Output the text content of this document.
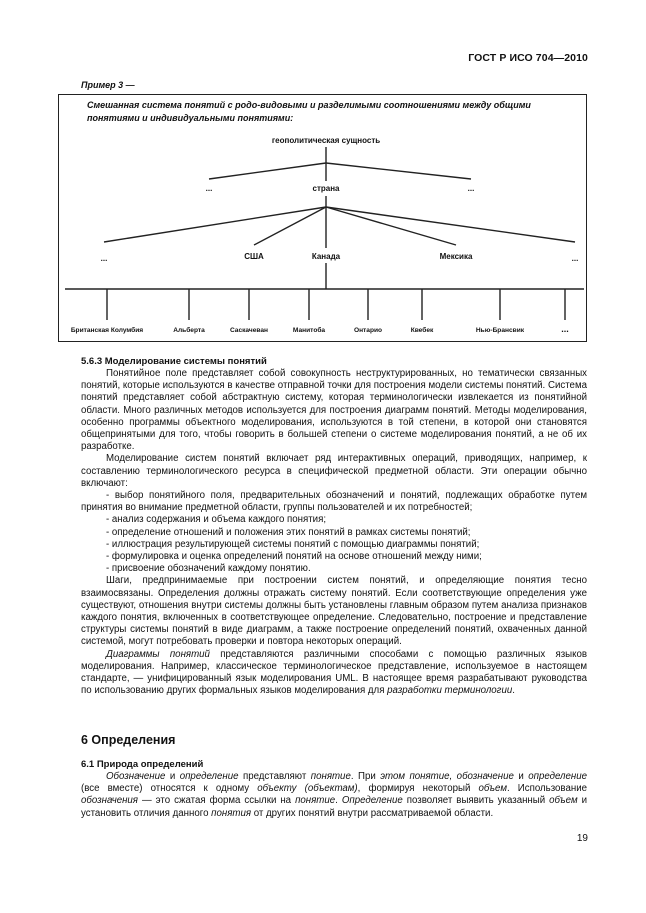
ГОСТ Р ИСО 704—2010
Пример 3 —
Смешанная система понятий с родо-видовыми и разделимыми соотношениями между общими понятиями и индивидуальными понятиями:
геополитическая сущность
...	страна	...
...	США	Канада	Мексика	...
Британская Колумбия	Альберта	Саскачеван	Манитоба	Онтарио	Квебек	Нью-Брансвик	...
5.6.3 Моделирование системы понятий

Понятийное поле представляет собой совокупность неструктурированных, но тематически связанных понятий, которые используются в качестве отправной точки для построения модели системы понятий. Система понятий представляет собой абстрактную систему, которая терминологически извлекается из понятийной области. Много различных методов используется для построения диаграмм понятий. Методы моделирования, особенно программы объектного моделирования, используются в той степени, в которой они становятся общепринятыми для того, чтобы говорить в большей степени о системе моделирования понятий, а не об их разработке.

Моделирование систем понятий включает ряд интерактивных операций, приводящих, например, к составлению терминологического ресурса в специфической предметной области. Эти операции обычно включают:

- выбор понятийного поля, предварительных обозначений и понятий, подлежащих обработке путем принятия во внимание предметной области, группы пользователей и их потребностей;

- анализ содержания и объема каждого понятия;

- определение отношений и положения этих понятий в рамках системы понятий;

- иллюстрация результирующей системы понятий с помощью диаграммы понятий;

- формулировка и оценка определений понятий на основе отношений между ними;

- присвоение обозначений каждому понятию.

Шаги, предпринимаемые при построении систем понятий, и определяющие понятия тесно взаимосвязаны. Определения должны отражать систему понятий. Если соответствующие определения уже существуют, отношения внутри системы должны быть установлены главным образом путем анализа признаков каждого понятия, включенных в соответствующее определение. Следовательно, построение и представление структуры системы понятий в виде диаграмм, а также построение определений понятий, охваченных данной системой, могут потребовать проверки и повтора некоторых операций.

Диаграммы понятий представляются различными способами с помощью различных языков моделирования. Например, классическое терминологическое представление, используемое в настоящем стандарте, — унифицированный язык моделирования UML. В настоящее время разрабатывают руководства по использованию других формальных языков моделирования для разработки терминологии.

6 Определения
6.1 Природа определений

Обозначение и определение представляют понятие. При этом понятие, обозначение и определение (все вместе) относятся к одному объекту (объектам), формируя некоторый объем. Использование обозначения — это сжатая форма ссылки на понятие. Определение позволяет выявить указанный объем и установить отличия данного понятия от других понятий внутри рассматриваемой области.

19
